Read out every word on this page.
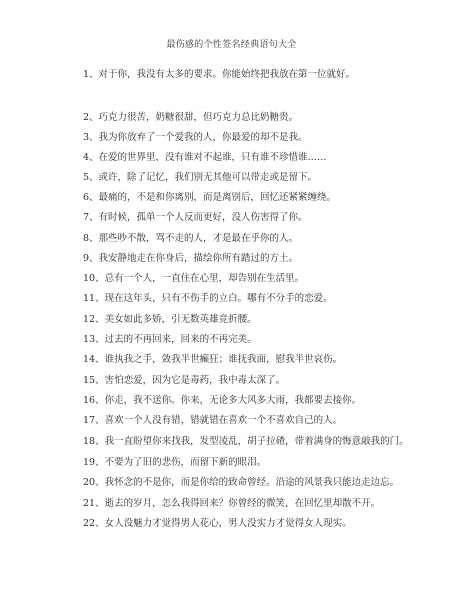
最伤感的个性签名经典语句大全
1、对于你，我没有太多的要求。你能始终把我放在第一位就好。
2、巧克力很苦，奶糖很甜，但巧克力总比奶糖贵。
3、我为你放弃了一个爱我的人，你最爱的却不是我。
4、在爱的世界里，没有谁对不起谁，只有谁不珍惜谁……
5、或许，除了记忆，我们别无其他可以带走或是留下。
6、最痛的，不是和你离别，而是离别后，回忆还紧紧缠绕。
7、有时候，孤单一个人反而更好，没人伤害得了你。
8、那些吵不散，骂不走的人，才是最在乎你的人。
9、我安静地走在你身后，描绘你所有踏过的方土。
10、总有一个人，一直住在心里，却告别在生活里。
11、现在这年头，只有不伤手的立白。哪有不分手的恋爱。
12、美女如此多娇，引无数英雄竞折腰。
13、过去的不再回来，回来的不再完美。
14、谁执我之手，敛我半世癫狂；谁抚我面，慰我半世哀伤。
15、害怕恋爱，因为它是毒药，我中毒太深了。
16、你走，我不送你。你来，无论多大风多大雨，我都要去接你。
17、喜欢一个人没有错，错就错在喜欢一个不喜欢自己的人。
18、我一直盼望你来找我，发型凌乱，胡子拉碴，带着满身的悔意敲我的门。
19、不要为了旧的悲伤，而留下新的眼泪。
20、我怀念的不是你，而是你给的致命曾经。沿途的风景我只能边走边忘。
21、逝去的岁月，怎么我得回来？你曾经的微笑，在回忆里却散不开。
22、女人没魅力才觉得男人花心，男人没实力才觉得女人现实。
